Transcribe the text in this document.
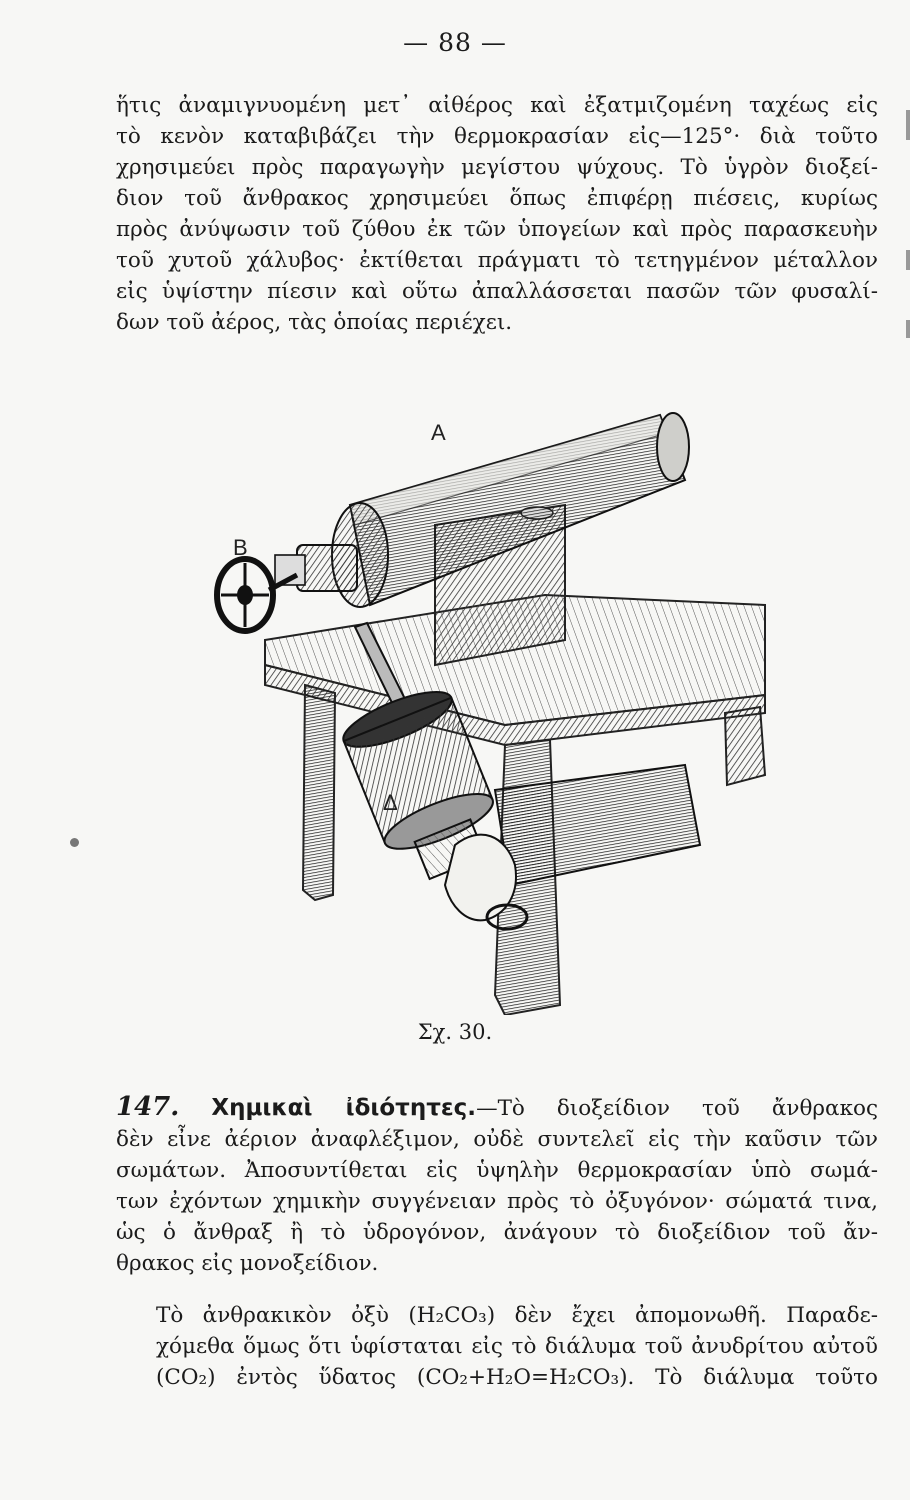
— 88 —
ἥτις ἀναμιγνυομένη μετ᾽ αἰθέρος καὶ ἐξατμιζομένη ταχέως εἰς
τὸ κενὸν καταβιβάζει τὴν θερμοκρασίαν εἰς—125°· διὰ τοῦτο
χρησιμεύει πρὸς παραγωγὴν μεγίστου ψύχους. Τὸ ὑγρὸν διοξεί-
διον τοῦ ἄνθρακος χρησιμεύει ὅπως ἐπιφέρῃ πιέσεις, κυρίως
πρὸς ἀνύψωσιν τοῦ ζύθου ἐκ τῶν ὑπογείων καὶ πρὸς παρασκευὴν
τοῦ χυτοῦ χάλυβος· ἐκτίθεται πράγματι τὸ τετηγμένον μέταλλον
εἰς ὑψίστην πίεσιν καὶ οὕτω ἀπαλλάσσεται πασῶν τῶν φυσαλί-
δων τοῦ ἀέρος, τὰς ὁποίας περιέχει.
A
B
Δ
Σχ. 30.
147. Χημικαὶ ἰδιότητες.—Τὸ διοξείδιον τοῦ ἄνθρακος
δὲν εἶνε ἀέριον ἀναφλέξιμον, οὐδὲ συντελεῖ εἰς τὴν καῦσιν τῶν
σωμάτων. Ἀποσυντίθεται εἰς ὑψηλὴν θερμοκρασίαν ὑπὸ σωμά-
των ἐχόντων χημικὴν συγγένειαν πρὸς τὸ ὀξυγόνον· σώματά τινα,
ὡς ὁ ἄνθραξ ἢ τὸ ὑδρογόνον, ἀνάγουν τὸ διοξείδιον τοῦ ἄν-
θρακος εἰς μονοξείδιον.
Τὸ ἀνθρακικὸν ὀξὺ (H₂CO₃) δὲν ἔχει ἀπομονωθῆ. Παραδε-
χόμεθα ὅμως ὅτι ὑφίσταται εἰς τὸ διάλυμα τοῦ ἀνυδρίτου αὐτοῦ
(CO₂) ἐντὸς ὕδατος (CO₂+H₂O=H₂CO₃). Τὸ διάλυμα τοῦτο
